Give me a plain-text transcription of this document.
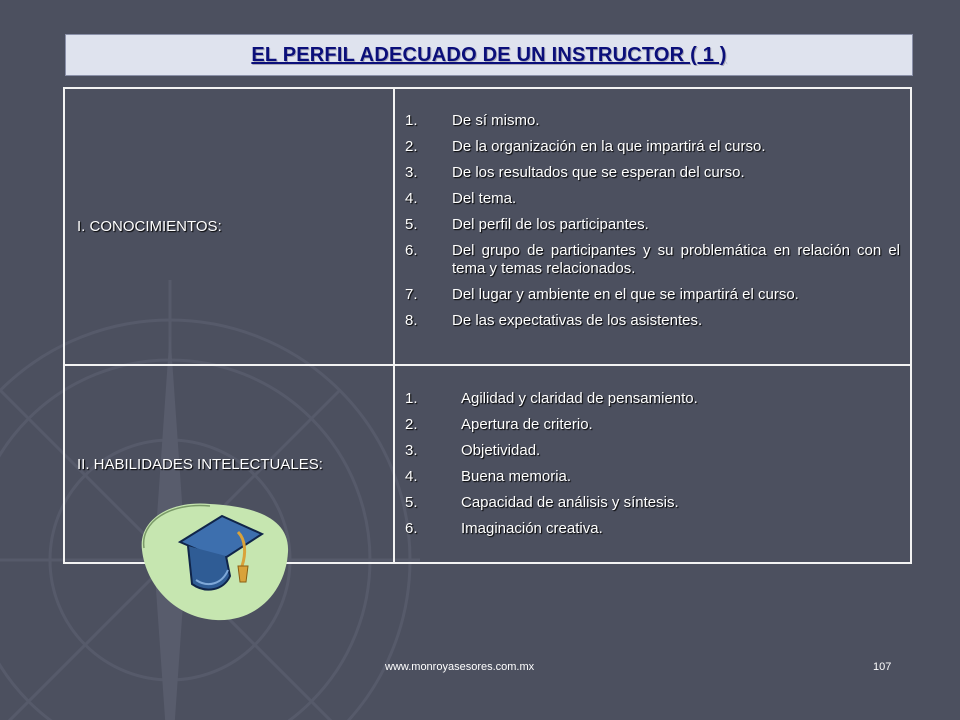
EL PERFIL ADECUADO DE UN INSTRUCTOR ( 1 )
I. CONOCIMIENTOS:
1.	De sí mismo.
2.	De la organización en la que impartirá el curso.
3.	De los resultados que se esperan del curso.
4.	Del tema.
5.	Del perfil de los participantes.
6.	Del grupo de participantes y su problemática en relación con el tema y temas relacionados.
7.	Del lugar y ambiente en el que se impartirá el curso.
8.	De las expectativas de los asistentes.
II. HABILIDADES INTELECTUALES:
1.	Agilidad y claridad de pensamiento.
2.	Apertura de criterio.
3.	Objetividad.
4.	Buena memoria.
5.	Capacidad de análisis y síntesis.
6.	Imaginación creativa.
www.monroyasesores.com.mx	107
